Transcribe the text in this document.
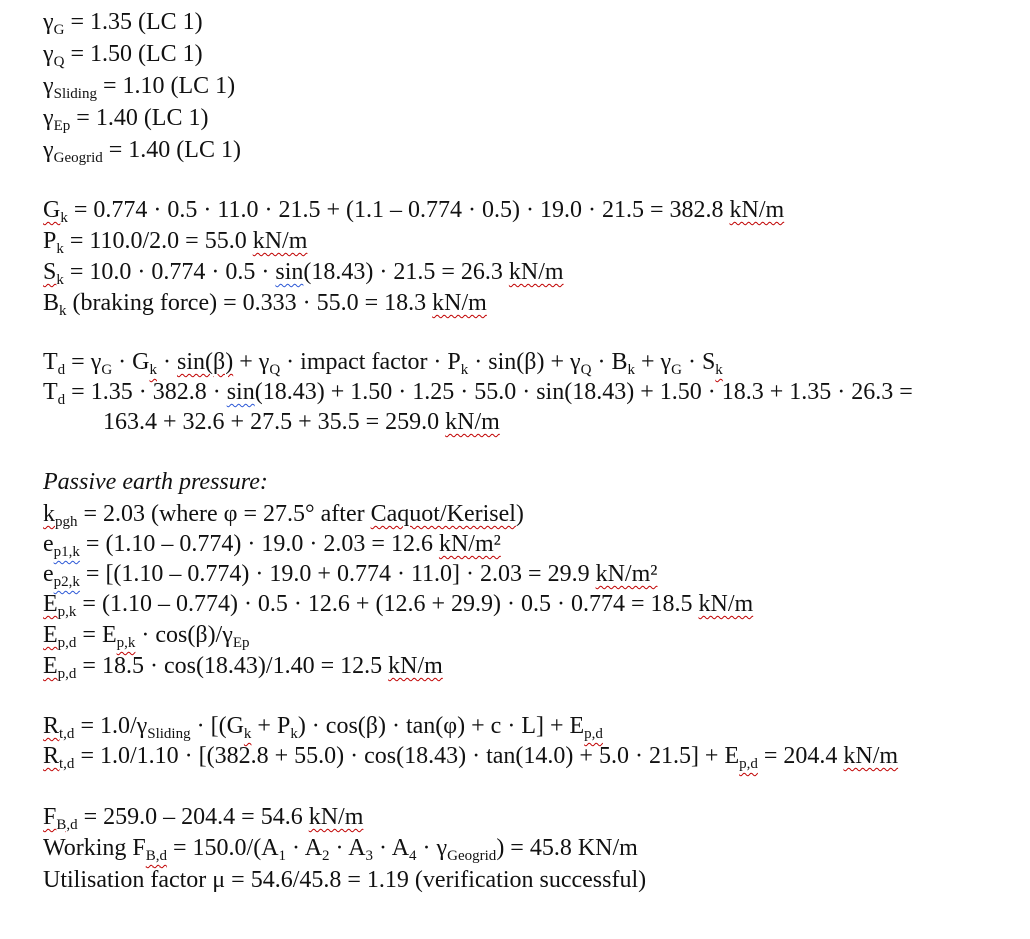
$\gamma_G = 1.35$ (LC 1)
$\gamma_Q = 1.50$ (LC 1)
$\gamma_{Sliding} = 1.10$ (LC 1)
$\gamma_{Ep} = 1.40$ (LC 1)
$\gamma_{Geogrid} = 1.40$ (LC 1)
$G_k = 0.774 \cdot 0.5 \cdot 11.0 \cdot 21.5 + (1.1 - 0.774 \cdot 0.5) \cdot 19.0 \cdot 21.5 = 382.8$ kN/m
$P_k = 110.0/2.0 = 55.0$ kN/m
$S_k = 10.0 \cdot 0.774 \cdot 0.5 \cdot \sin(18.43) \cdot 21.5 = 26.3$ kN/m
$B_k$ (braking force) = 0.333 · 55.0 = 18.3 kN/m
$T_d = \gamma_G \cdot G_k \cdot \sin(\beta) + \gamma_Q$ · impact factor · $P_k \cdot \sin(\beta) + \gamma_Q \cdot B_k + \gamma_G \cdot S_k$
$T_d = 1.35 \cdot 382.8 \cdot \sin(18.43) + 1.50 \cdot 1.25 \cdot 55.0 \cdot \sin(18.43) + 1.50 \cdot 18.3 + 1.35 \cdot 26.3$ =
163.4 + 32.6 + 27.5 + 35.5 = 259.0 kN/m
Passive earth pressure:
$k_{pgh} = 2.03$ (where φ = 27.5° after Caquot/Kerisel)
$e_{p1,k} = (1.10 - 0.774) \cdot 19.0 \cdot 2.03 = 12.6$ kN/m²
$e_{p2,k} = [(1.10 - 0.774) \cdot 19.0 + 0.774 \cdot 11.0] \cdot 2.03 = 29.9$ kN/m²
$E_{p,k} = (1.10 - 0.774) \cdot 0.5 \cdot 12.6 + (12.6 + 29.9) \cdot 0.5 \cdot 0.774 = 18.5$ kN/m
$E_{p,d} = E_{p,k} \cdot \cos(\beta)/\gamma_{Ep}$
$E_{p,d} = 18.5 \cdot \cos(18.43)/1.40 = 12.5$ kN/m
$R_{t,d} = 1.0/\gamma_{Sliding} \cdot [(G_k + P_k) \cdot \cos(\beta) \cdot \tan(\varphi) + c \cdot L] + E_{p,d}$
$R_{t,d} = 1.0/1.10 \cdot [(382.8 + 55.0) \cdot \cos(18.43) \cdot \tan(14.0) + 5.0 \cdot 21.5] + E_{p,d} = 204.4$ kN/m
$F_{B,d} = 259.0 - 204.4 = 54.6$ kN/m
Working $F_{B,d} = 150.0/(A_1 \cdot A_2 \cdot A_3 \cdot A_4 \cdot \gamma_{Geogrid}) = 45.8$ KN/m
Utilisation factor μ = 54.6/45.8 = 1.19 (verification successful)
